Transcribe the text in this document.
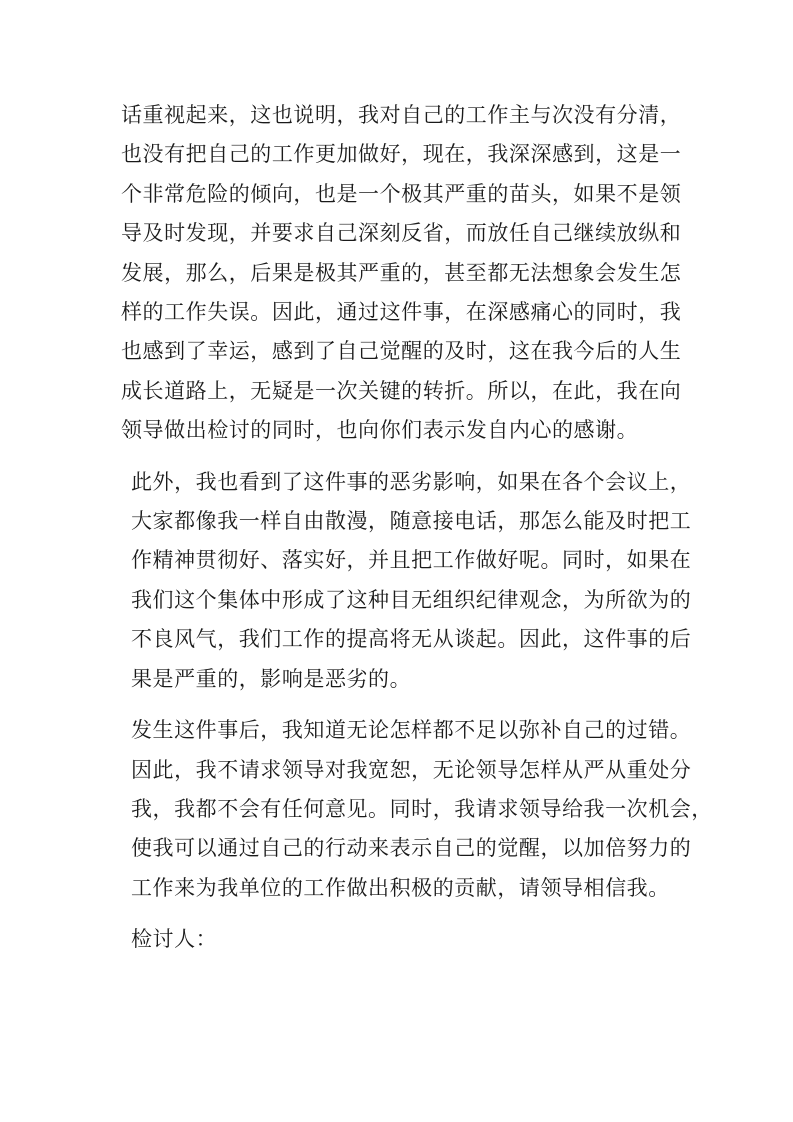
话重视起来，这也说明，我对自己的工作主与次没有分清，
也没有把自己的工作更加做好，现在，我深深感到，这是一
个非常危险的倾向，也是一个极其严重的苗头，如果不是领
导及时发现，并要求自己深刻反省，而放任自己继续放纵和
发展，那么，后果是极其严重的，甚至都无法想象会发生怎
样的工作失误。因此，通过这件事，在深感痛心的同时，我
也感到了幸运，感到了自己觉醒的及时，这在我今后的人生
成长道路上，无疑是一次关键的转折。所以，在此，我在向
领导做出检讨的同时，也向你们表示发自内心的感谢。

此外，我也看到了这件事的恶劣影响，如果在各个会议上，
大家都像我一样自由散漫，随意接电话，那怎么能及时把工
作精神贯彻好、落实好，并且把工作做好呢。同时，如果在
我们这个集体中形成了这种目无组织纪律观念，为所欲为的
不良风气，我们工作的提高将无从谈起。因此，这件事的后
果是严重的，影响是恶劣的。

发生这件事后，我知道无论怎样都不足以弥补自己的过错。
因此，我不请求领导对我宽恕，无论领导怎样从严从重处分
我，我都不会有任何意见。同时，我请求领导给我一次机会，
使我可以通过自己的行动来表示自己的觉醒，以加倍努力的
工作来为我单位的工作做出积极的贡献，请领导相信我。

检讨人：
